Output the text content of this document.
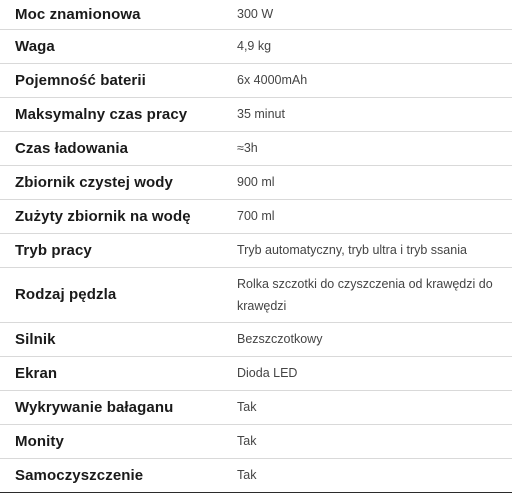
Moc znamionowa	300 W
Waga	4,9 kg
Pojemność baterii	6x 4000mAh
Maksymalny czas pracy	35 minut
Czas ładowania	≈3h
Zbiornik czystej wody	900 ml
Zużyty zbiornik na wodę	700 ml
Tryb pracy	Tryb automatyczny, tryb ultra i tryb ssania
Rodzaj pędzla	Rolka szczotki do czyszczenia od krawędzi do krawędzi
Silnik	Bezszczotkowy
Ekran	Dioda LED
Wykrywanie bałaganu	Tak
Monity	Tak
Samoczyszczenie	Tak
